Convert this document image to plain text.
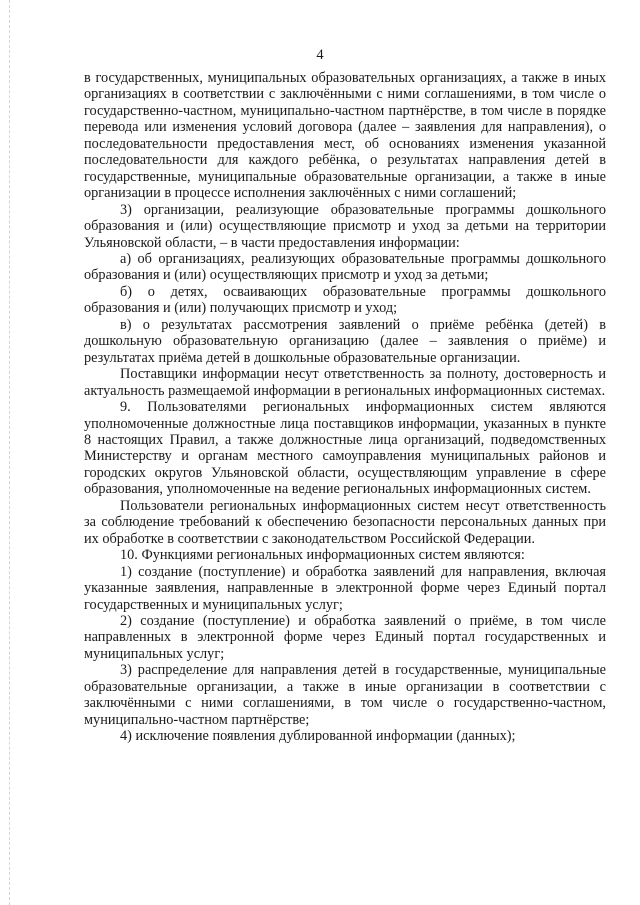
4

в государственных, муниципальных образовательных организациях, а также в иных организациях в соответствии с заключёнными с ними соглашениями, в том числе о государственно-частном, муниципально-частном партнёрстве, в том числе в порядке перевода или изменения условий договора (далее – заявления для направления), о последовательности предоставления мест, об основаниях изменения указанной последовательности для каждого ребёнка, о результатах направления детей в государственные, муниципальные образовательные организации, а также в иные организации в процессе исполнения заключённых с ними соглашений;

3) организации, реализующие образовательные программы дошкольного образования и (или) осуществляющие присмотр и уход за детьми на территории Ульяновской области, – в части предоставления информации:

а) об организациях, реализующих образовательные программы дошкольного образования и (или) осуществляющих присмотр и уход за детьми;

б) о детях, осваивающих образовательные программы дошкольного образования и (или) получающих присмотр и уход;

в) о результатах рассмотрения заявлений о приёме ребёнка (детей) в дошкольную образовательную организацию (далее – заявления о приёме) и результатах приёма детей в дошкольные образовательные организации.

Поставщики информации несут ответственность за полноту, достоверность и актуальность размещаемой информации в региональных информационных системах.

9. Пользователями региональных информационных систем являются уполномоченные должностные лица поставщиков информации, указанных в пункте 8 настоящих Правил, а также должностные лица организаций, подведомственных Министерству и органам местного самоуправления муниципальных районов и городских округов Ульяновской области, осуществляющим управление в сфере образования, уполномоченные на ведение региональных информационных систем.

Пользователи региональных информационных систем несут ответственность за соблюдение требований к обеспечению безопасности персональных данных при их обработке в соответствии с законодательством Российской Федерации.

10. Функциями региональных информационных систем являются:

1) создание (поступление) и обработка заявлений для направления, включая указанные заявления, направленные в электронной форме через Единый портал государственных и муниципальных услуг;

2) создание (поступление) и обработка заявлений о приёме, в том числе направленных в электронной форме через Единый портал государственных и муниципальных услуг;

3) распределение для направления детей в государственные, муниципальные образовательные организации, а также в иные организации в соответствии с заключёнными с ними соглашениями, в том числе о государственно-частном, муниципально-частном партнёрстве;

4) исключение появления дублированной информации (данных);
